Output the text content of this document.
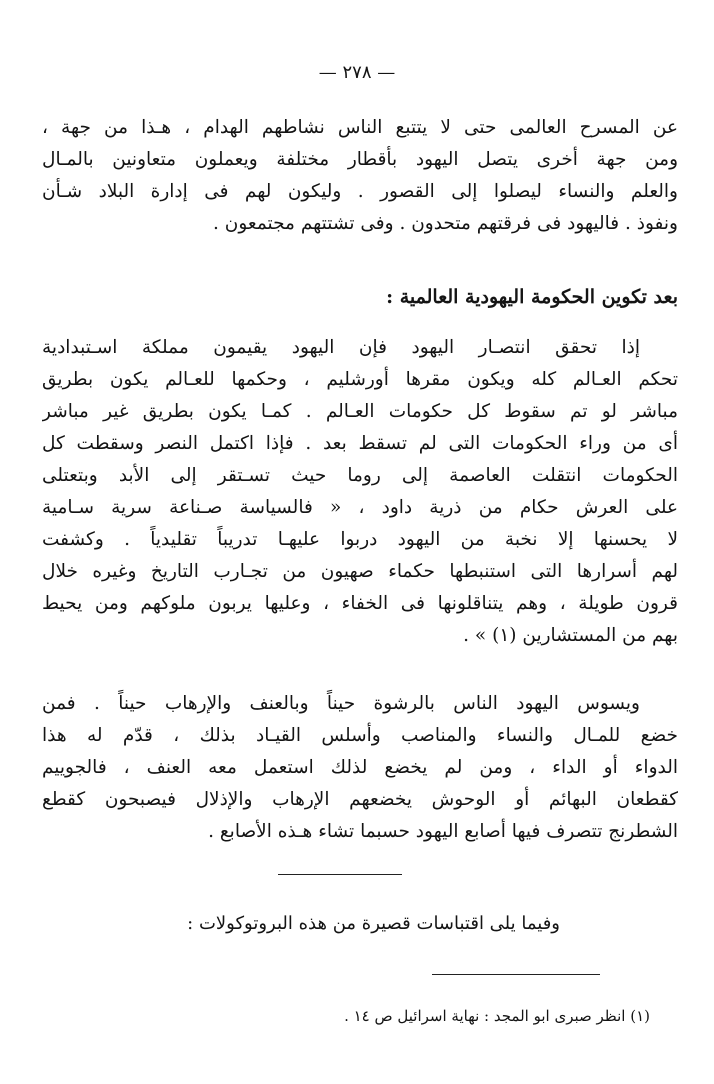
— ٢٧٨ —
عن المسرح العالمى حتى لا يتتبع الناس نشاطهم الهدام ، هـذا من جهة ،
ومن جهة أخرى يتصل اليهود بأقطار مختلفة ويعملون متعاونين بالمـال
والعلم والنساء ليصلوا إلى القصور . وليكون لهم فى إدارة البلاد شـأن
ونفوذ . فاليهود فى فرقتهم متحدون . وفى تشتتهم مجتمعون .
بعد تكوين الحكومة اليهودية العالمية :
إذا تحقق انتصـار اليهود فإن اليهود يقيمون مملكة اسـتبدادية
تحكم العـالم كله ويكون مقرها أورشليم ، وحكمها للعـالم يكون بطريق
مباشر لو تم سقوط كل حكومات العـالم . كمـا يكون بطريق غير مباشر
أى من وراء الحكومات التى لم تسقط بعد . فإذا اكتمل النصر وسقطت كل
الحكومات انتقلت العاصمة إلى روما حيث تسـتقر إلى الأبد وبتعتلى
على العرش حكام من ذرية داود ، « فالسياسة صـناعة سرية سـامية
لا يحسنها إلا نخبة من اليهود دربوا عليهـا تدريباً تقليدياً . وكشفت
لهم أسرارها التى استنبطها حكماء صهيون من تجـارب التاريخ وغيره خلال
قرون طويلة ، وهم يتناقلونها فى الخفاء ، وعليها يربون ملوكهم ومن يحيط
بهم من المستشارين (١) » .
ويسوس اليهود الناس بالرشوة حيناً وبالعنف والإرهاب حيناً . فمن
خضع للمـال والنساء والمناصب وأسلس القيـاد بذلك ، قدّم له هذا
الدواء أو الداء ، ومن لم يخضع لذلك استعمل معه العنف ، فالجوييم
كقطعان البهائم أو الوحوش يخضعهم الإرهاب والإذلال فيصبحون كقطع
الشطرنج تتصرف فيها أصابع اليهود حسبما تشاء هـذه الأصابع .
وفيما يلى اقتباسات قصيرة من هذه البروتوكولات :
(١) انظر صبرى ابو المجد : نهاية اسرائيل ص ١٤ .
